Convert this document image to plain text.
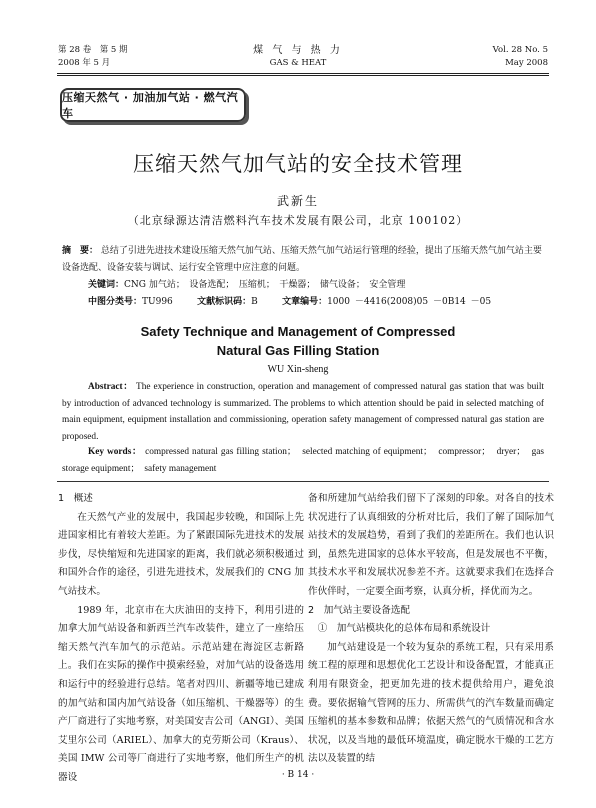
第 28 卷　第 5 期
2008 年 5 月
煤 气 与 热 力
GAS & HEAT
Vol. 28 No. 5
May 2008
压缩天然气 · 加油加气站 · 燃气汽车
压缩天然气加气站的安全技术管理
武新生
（北京绿源达清洁燃料汽车技术发展有限公司，北京 100102）
摘　要： 总结了引进先进技术建设压缩天然气加气站、压缩天然气加气站运行管理的经验，提出了压缩天然气加气站主要设备选配、设备安装与调试、运行安全管理中应注意的问题。
关键词：CNG 加气站；　设备选配；　压缩机；　干燥器；　储气设备；　安全管理
中图分类号：TU996	文献标识码：B	文章编号：1000 －4416(2008)05 －0B14 －05
Safety Technique and Management of Compressed
Natural Gas Filling Station
WU Xin-sheng
Abstract： The experience in construction, operation and management of compressed natural gas station that was built by introduction of advanced technology is summarized. The problems to which attention should be paid in selected matching of main equipment, equipment installation and commissioning, operation safety management of compressed natural gas station are proposed.
Key words： compressed natural gas filling station；　selected matching of equipment；　compressor；　dryer；　gas storage equipment；　safety management

1　概述

在天然气产业的发展中，我国起步较晚，和国际上先进国家相比有着较大差距。为了紧跟国际先进技术的发展步伐，尽快缩短和先进国家的距离，我们就必须积极通过和国外合作的途径，引进先进技术，发展我们的 CNG 加气站技术。

1989 年，北京市在大庆油田的支持下，利用引进的加拿大加气站设备和新西兰汽车改装件，建立了一座给压缩天然气汽车加气的示范站。示范站建在海淀区志新路上。我们在实际的操作中摸索经验，对加气站的设备选用和运行中的经验进行总结。笔者对四川、新疆等地已建成的加气站和国内加气站设备（如压缩机、干燥器等）的生产厂商进行了实地考察，对美国安吉公司（ANGI）、美国艾里尔公司（ARIEL）、加拿大的克劳斯公司（Kraus）、美国 IMW 公司等厂商进行了实地考察，他们所生产的机器设

备和所建加气站给我们留下了深刻的印象。对各自的技术状况进行了认真细致的分析对比后，我们了解了国际加气站技术的发展趋势，看到了我们的差距所在。我们也认识到，虽然先进国家的总体水平较高，但是发展也不平衡，其技术水平和发展状况参差不齐。这就要求我们在选择合作伙伴时，一定要全面考察，认真分析，择优而为之。

2　加气站主要设备选配

①　加气站模块化的总体布局和系统设计

加气站建设是一个较为复杂的系统工程，只有采用系统工程的原理和思想优化工艺设计和设备配置，才能真正利用有限资金，把更加先进的技术提供给用户，避免浪费。要依据输气管网的压力、所需供气的汽车数量而确定压缩机的基本参数和品牌；依据天然气的气质情况和含水状况，以及当地的最低环境温度，确定脱水干燥的工艺方法以及装置的结

· B 14 ·
